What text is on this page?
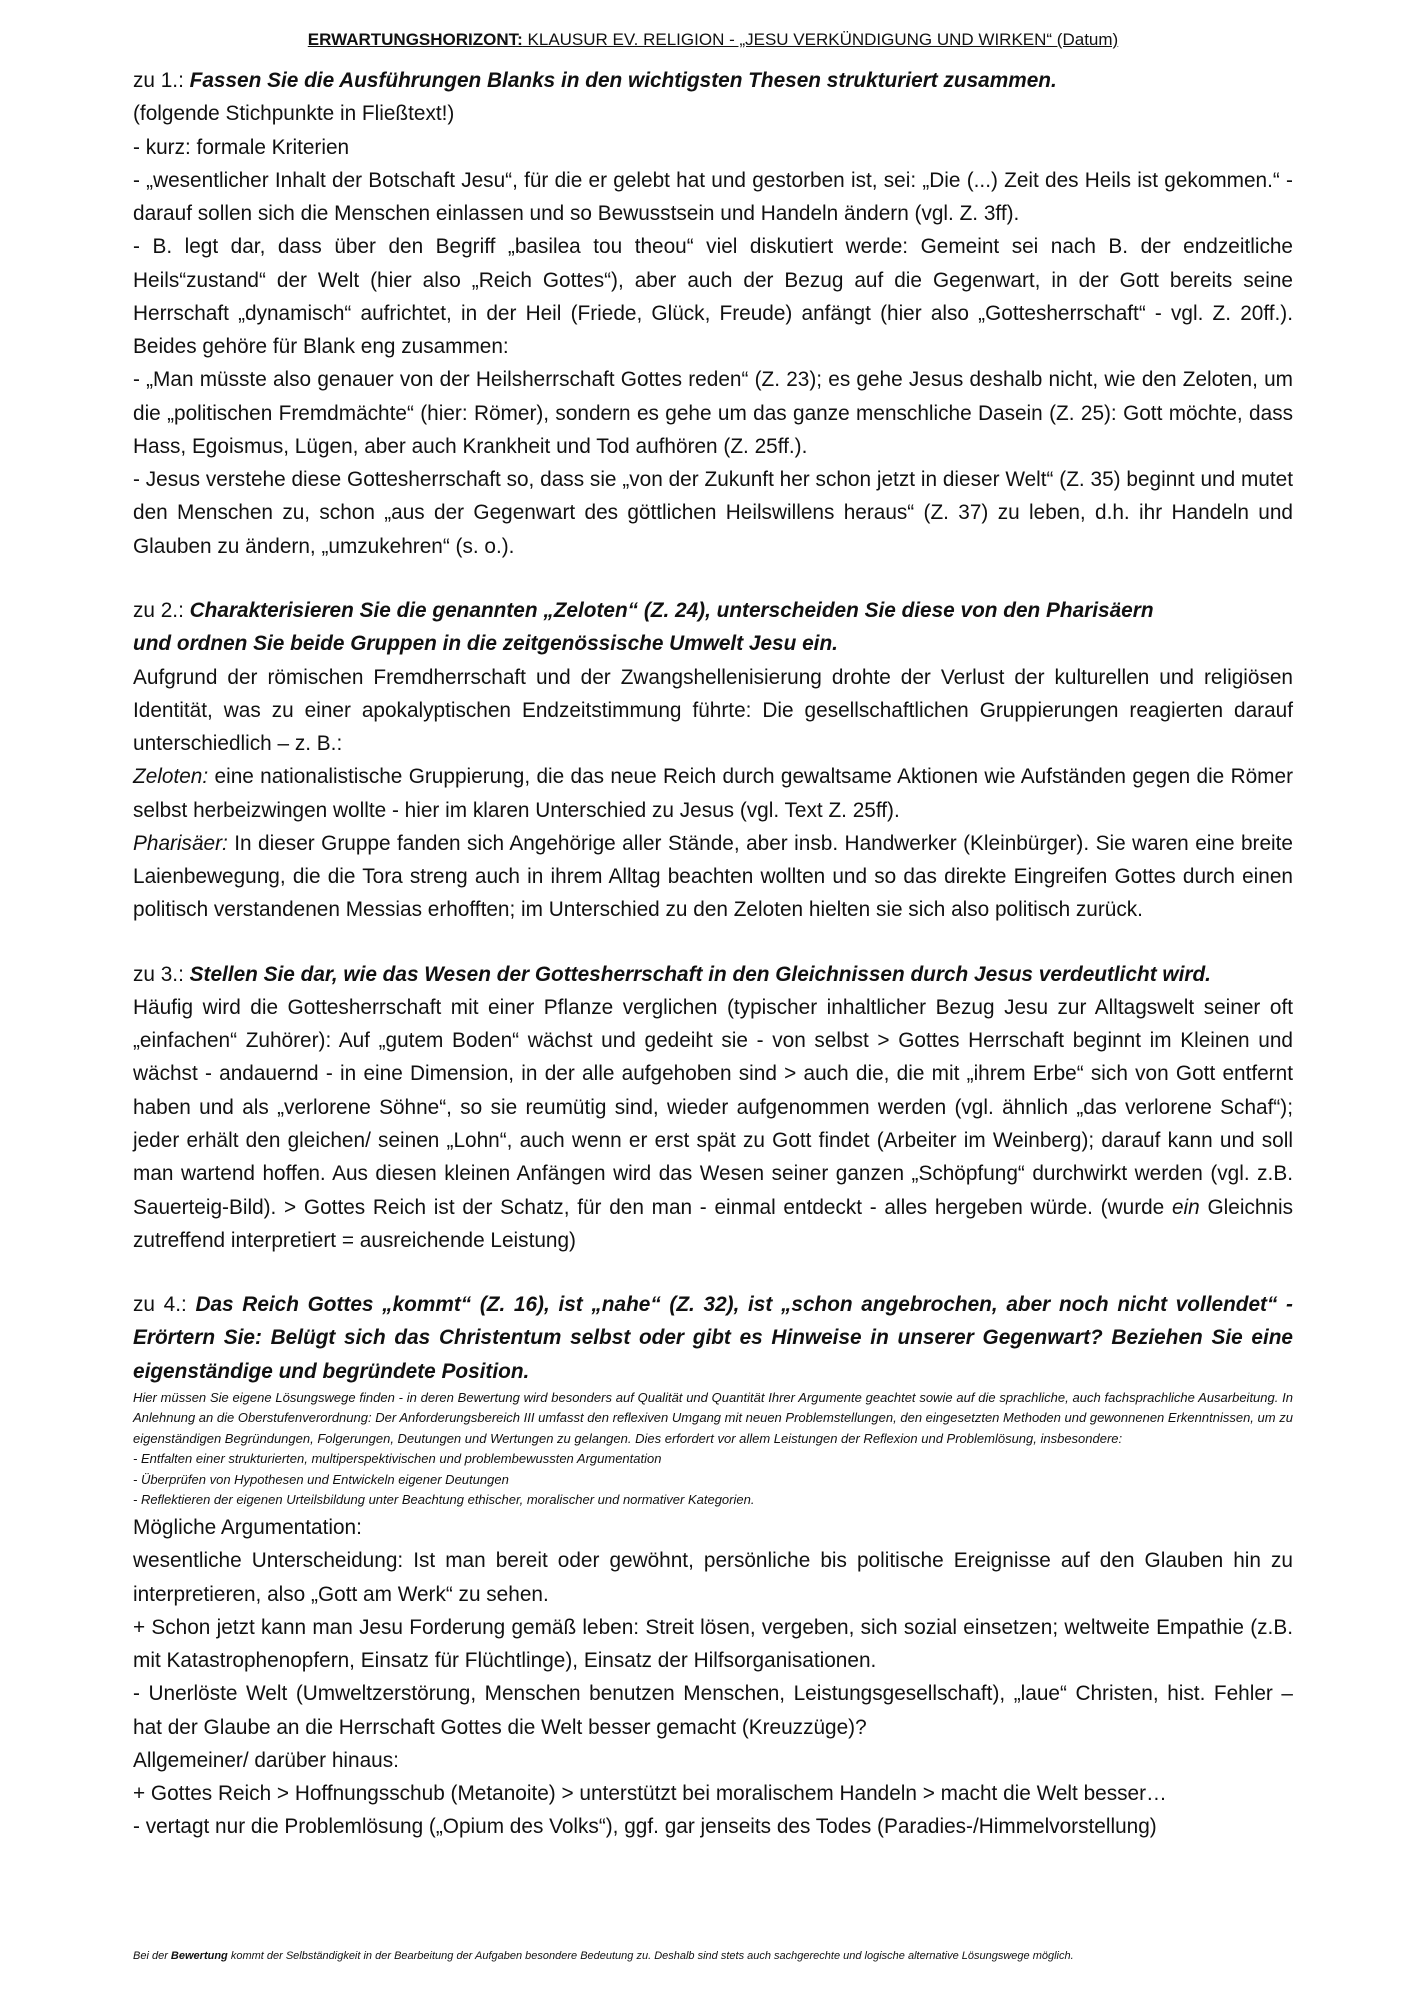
ERWARTUNGSHORIZONT: KLAUSUR EV. RELIGION - „JESU VERKÜNDIGUNG UND WIRKEN“ (Datum)

zu 1.: Fassen Sie die Ausführungen Blanks in den wichtigsten Thesen strukturiert zusammen.

(folgende Stichpunkte in Fließtext!)

- kurz: formale Kriterien

- „wesentlicher Inhalt der Botschaft Jesu“, für die er gelebt hat und gestorben ist, sei: „Die (...) Zeit des Heils ist gekommen.“ - darauf sollen sich die Menschen einlassen und so Bewusstsein und Handeln ändern (vgl. Z. 3ff).

- B. legt dar, dass über den Begriff „basilea tou theou“ viel diskutiert werde: Gemeint sei nach B. der endzeitliche Heils“zustand“ der Welt (hier also „Reich Gottes“), aber auch der Bezug auf die Gegenwart, in der Gott bereits seine Herrschaft „dynamisch“ aufrichtet, in der Heil (Friede, Glück, Freude) anfängt (hier also „Gottesherrschaft“ - vgl. Z. 20ff.). Beides gehöre für Blank eng zusammen:

- „Man müsste also genauer von der Heilsherrschaft Gottes reden“ (Z. 23); es gehe Jesus deshalb nicht, wie den Zeloten, um die „politischen Fremdmächte“ (hier: Römer), sondern es gehe um das ganze menschliche Dasein (Z. 25): Gott möchte, dass Hass, Egoismus, Lügen, aber auch Krankheit und Tod aufhören (Z. 25ff.).

- Jesus verstehe diese Gottesherrschaft so, dass sie „von der Zukunft her schon jetzt in dieser Welt“ (Z. 35) beginnt und mutet den Menschen zu, schon „aus der Gegenwart des göttlichen Heilswillens heraus“ (Z. 37) zu leben, d.h. ihr Handeln und Glauben zu ändern, „umzukehren“ (s. o.).

zu 2.: Charakterisieren Sie die genannten „Zeloten“ (Z. 24), unterscheiden Sie diese von den Pharisäern

und ordnen Sie beide Gruppen in die zeitgenössische Umwelt Jesu ein.

Aufgrund der römischen Fremdherrschaft und der Zwangshellenisierung drohte der Verlust der kulturellen und religiösen Identität, was zu einer apokalyptischen Endzeitstimmung führte: Die gesellschaftlichen Gruppierungen reagierten darauf unterschiedlich – z. B.:

Zeloten: eine nationalistische Gruppierung, die das neue Reich durch gewaltsame Aktionen wie Aufständen gegen die Römer selbst herbeizwingen wollte - hier im klaren Unterschied zu Jesus (vgl. Text Z. 25ff).

Pharisäer: In dieser Gruppe fanden sich Angehörige aller Stände, aber insb. Handwerker (Kleinbürger). Sie waren eine breite Laienbewegung, die die Tora streng auch in ihrem Alltag beachten wollten und so das direkte Eingreifen Gottes durch einen politisch verstandenen Messias erhofften; im Unterschied zu den Zeloten hielten sie sich also politisch zurück.

zu 3.: Stellen Sie dar, wie das Wesen der Gottesherrschaft in den Gleichnissen durch Jesus verdeutlicht wird.

Häufig wird die Gottesherrschaft mit einer Pflanze verglichen (typischer inhaltlicher Bezug Jesu zur Alltagswelt seiner oft „einfachen“ Zuhörer): Auf „gutem Boden“ wächst und gedeiht sie - von selbst > Gottes Herrschaft beginnt im Kleinen und wächst - andauernd - in eine Dimension, in der alle aufgehoben sind > auch die, die mit „ihrem Erbe“ sich von Gott entfernt haben und als „verlorene Söhne“, so sie reumütig sind, wieder aufgenommen werden (vgl. ähnlich „das verlorene Schaf“); jeder erhält den gleichen/ seinen „Lohn“, auch wenn er erst spät zu Gott findet (Arbeiter im Weinberg); darauf kann und soll man wartend hoffen. Aus diesen kleinen Anfängen wird das Wesen seiner ganzen „Schöpfung“ durchwirkt werden (vgl. z.B. Sauerteig-Bild). > Gottes Reich ist der Schatz, für den man - einmal entdeckt - alles hergeben würde. (wurde ein Gleichnis zutreffend interpretiert = ausreichende Leistung)

zu 4.: Das Reich Gottes „kommt“ (Z. 16), ist „nahe“ (Z. 32), ist „schon angebrochen, aber noch nicht vollendet“ - Erörtern Sie: Belügt sich das Christentum selbst oder gibt es Hinweise in unserer Gegenwart? Beziehen Sie eine eigenständige und begründete Position.

Hier müssen Sie eigene Lösungswege finden - in deren Bewertung wird besonders auf Qualität und Quantität Ihrer Argumente geachtet sowie auf die sprachliche, auch fachsprachliche Ausarbeitung. In Anlehnung an die Oberstufenverordnung: Der Anforderungsbereich III umfasst den reflexiven Umgang mit neuen Problemstellungen, den eingesetzten Methoden und gewonnenen Erkenntnissen, um zu eigenständigen Begründungen, Folgerungen, Deutungen und Wertungen zu gelangen. Dies erfordert vor allem Leistungen der Reflexion und Problemlösung, insbesondere:

- Entfalten einer strukturierten, multiperspektivischen und problembewussten Argumentation

- Überprüfen von Hypothesen und Entwickeln eigener Deutungen

- Reflektieren der eigenen Urteilsbildung unter Beachtung ethischer, moralischer und normativer Kategorien.

Mögliche Argumentation:

wesentliche Unterscheidung: Ist man bereit oder gewöhnt, persönliche bis politische Ereignisse auf den Glauben hin zu interpretieren, also „Gott am Werk“ zu sehen.

+ Schon jetzt kann man Jesu Forderung gemäß leben: Streit lösen, vergeben, sich sozial einsetzen; weltweite Empathie (z.B. mit Katastrophenopfern, Einsatz für Flüchtlinge), Einsatz der Hilfsorganisationen.

- Unerlöste Welt (Umweltzerstörung, Menschen benutzen Menschen, Leistungsgesellschaft), „laue“ Christen, hist. Fehler – hat der Glaube an die Herrschaft Gottes die Welt besser gemacht (Kreuzzüge)?

Allgemeiner/ darüber hinaus:

+ Gottes Reich > Hoffnungsschub (Metanoite) > unterstützt bei moralischem Handeln > macht die Welt besser…

- vertagt nur die Problemlösung („Opium des Volks“), ggf. gar jenseits des Todes (Paradies-/Himmelvorstellung)

Bei der Bewertung kommt der Selbständigkeit in der Bearbeitung der Aufgaben besondere Bedeutung zu. Deshalb sind stets auch sachgerechte und logische alternative Lösungswege möglich.
